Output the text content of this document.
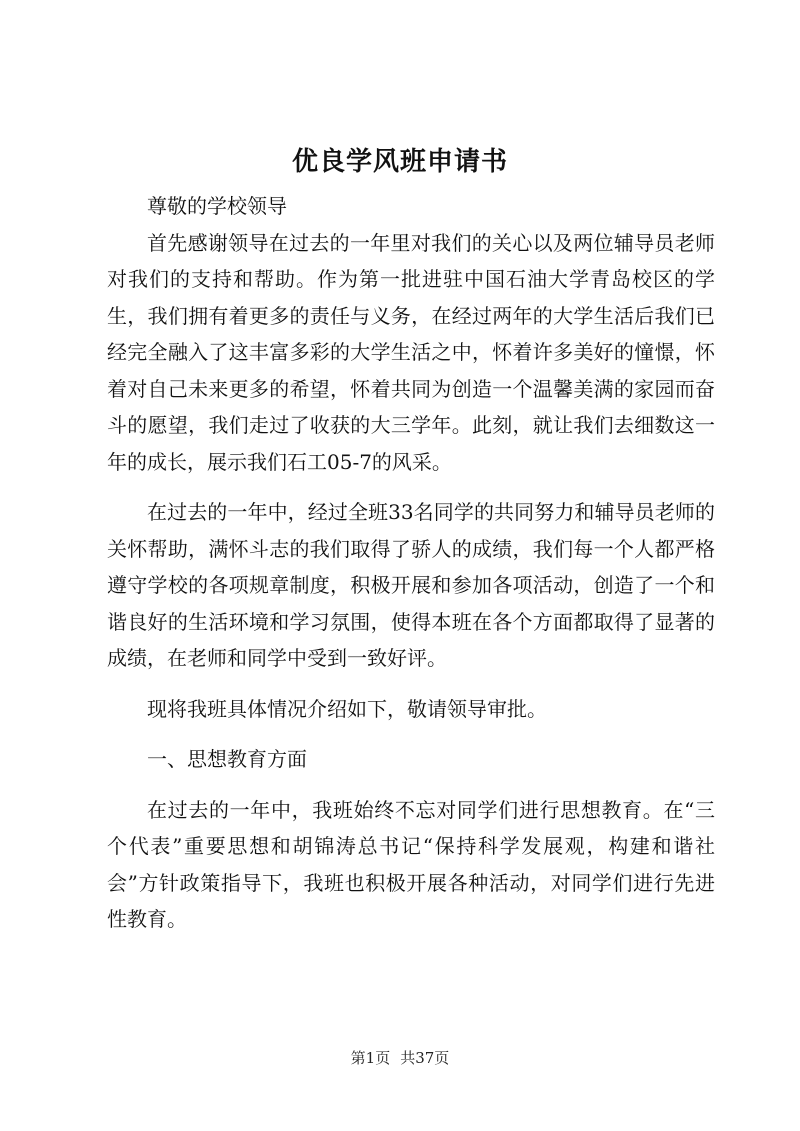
优良学风班申请书

尊敬的学校领导

首先感谢领导在过去的一年里对我们的关心以及两位辅导员老师对我们的支持和帮助。作为第一批进驻中国石油大学青岛校区的学生，我们拥有着更多的责任与义务，在经过两年的大学生活后我们已经完全融入了这丰富多彩的大学生活之中，怀着许多美好的憧憬，怀着对自己未来更多的希望，怀着共同为创造一个温馨美满的家园而奋斗的愿望，我们走过了收获的大三学年。此刻，就让我们去细数这一年的成长，展示我们石工05-7的风采。

在过去的一年中，经过全班33名同学的共同努力和辅导员老师的关怀帮助，满怀斗志的我们取得了骄人的成绩，我们每一个人都严格遵守学校的各项规章制度，积极开展和参加各项活动，创造了一个和谐良好的生活环境和学习氛围，使得本班在各个方面都取得了显著的成绩，在老师和同学中受到一致好评。

现将我班具体情况介绍如下，敬请领导审批。

一、思想教育方面

在过去的一年中，我班始终不忘对同学们进行思想教育。在“三个代表”重要思想和胡锦涛总书记“保持科学发展观，构建和谐社会”方针政策指导下，我班也积极开展各种活动，对同学们进行先进性教育。

第1页 共37页
